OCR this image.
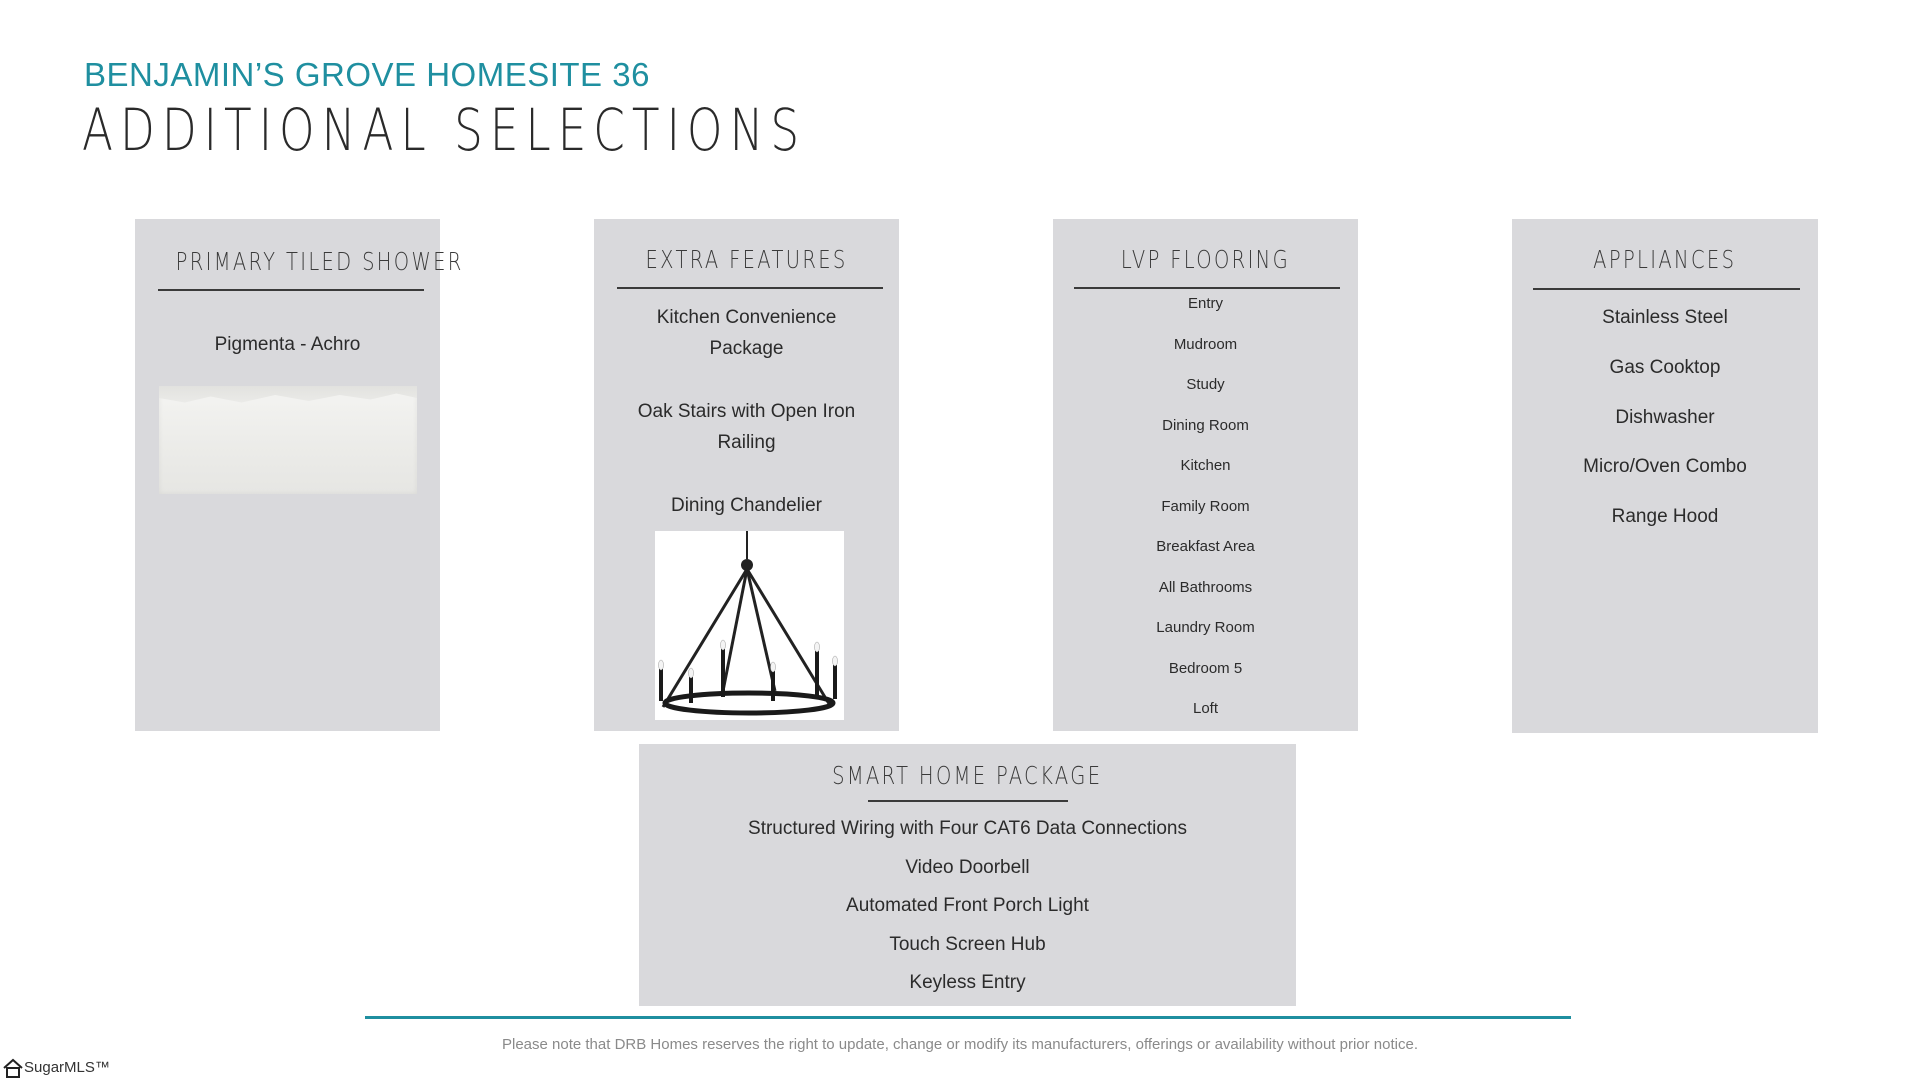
BENJAMIN’S GROVE HOMESITE 36
ADDITIONAL SELECTIONS
PRIMARY TILED SHOWER
Pigmenta - Achro
EXTRA FEATURES
Kitchen Convenience
Package
Oak Stairs with Open Iron
Railing
Dining Chandelier
LVP FLOORING
Entry
Mudroom
Study
Dining Room
Kitchen
Family Room
Breakfast Area
All Bathrooms
Laundry Room
Bedroom 5
Loft
APPLIANCES
Stainless Steel
Gas Cooktop
Dishwasher
Micro/Oven Combo
Range Hood
SMART HOME PACKAGE
Structured Wiring with Four CAT6 Data Connections
Video Doorbell
Automated Front Porch Light
Touch Screen Hub
Keyless Entry
Please note that DRB Homes reserves the right to update, change or modify its manufacturers, offerings or availability without prior notice.
SugarMLS™
